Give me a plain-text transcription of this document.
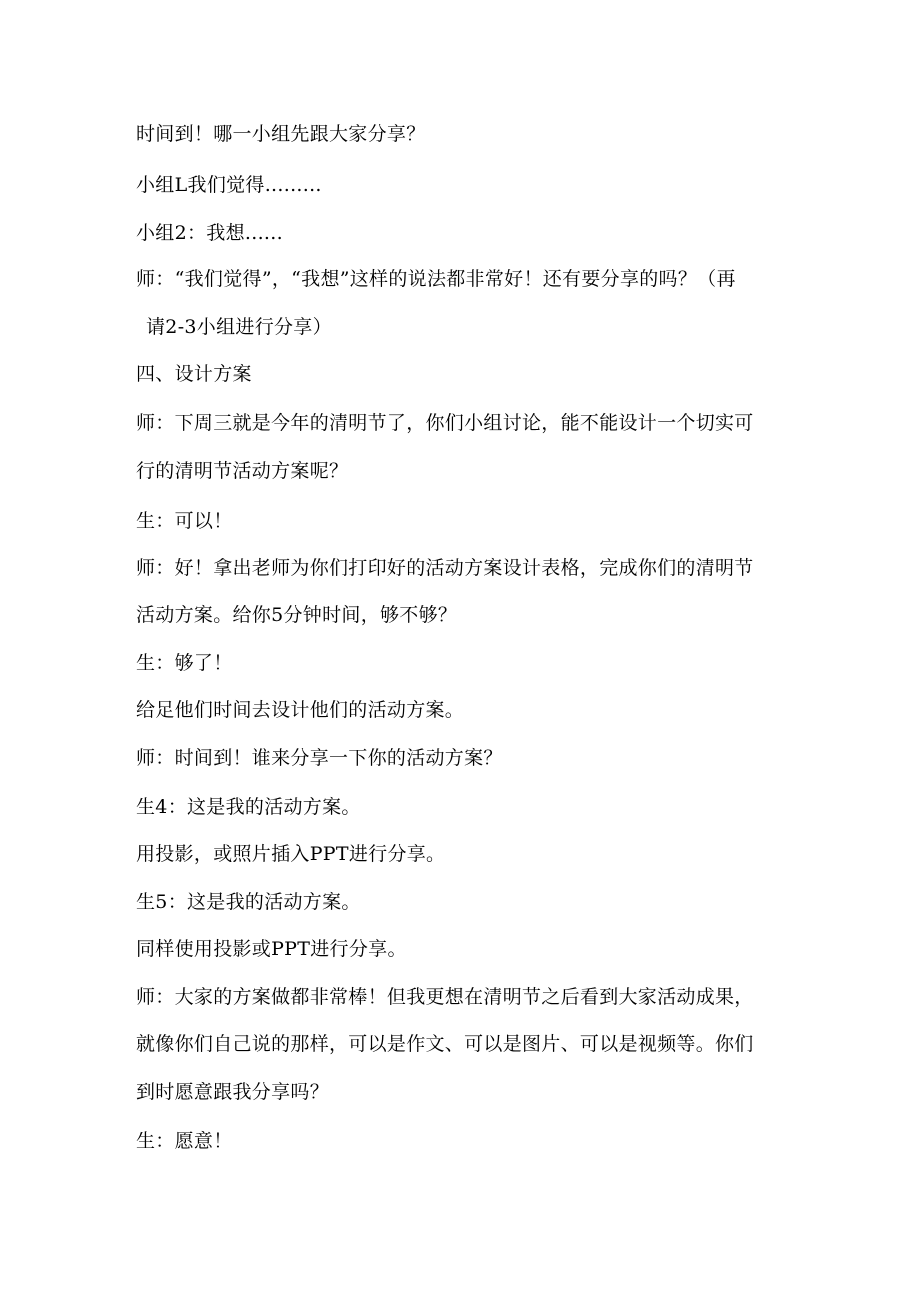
时间到！哪一小组先跟大家分享？
小组L我们觉得.........
小组2：我想......
师：“我们觉得”，“我想”这样的说法都非常好！还有要分享的吗？（再
请2-3小组进行分享）
四、设计方案
师：下周三就是今年的清明节了，你们小组讨论，能不能设计一个切实可
行的清明节活动方案呢？
生：可以！
师：好！拿出老师为你们打印好的活动方案设计表格，完成你们的清明节
活动方案。给你5分钟时间，够不够？
生：够了！
给足他们时间去设计他们的活动方案。
师：时间到！谁来分享一下你的活动方案？
生4：这是我的活动方案。
用投影，或照片插入PPT进行分享。
生5：这是我的活动方案。
同样使用投影或PPT进行分享。
师：大家的方案做都非常棒！但我更想在清明节之后看到大家活动成果，
就像你们自己说的那样，可以是作文、可以是图片、可以是视频等。你们
到时愿意跟我分享吗？
生：愿意！
